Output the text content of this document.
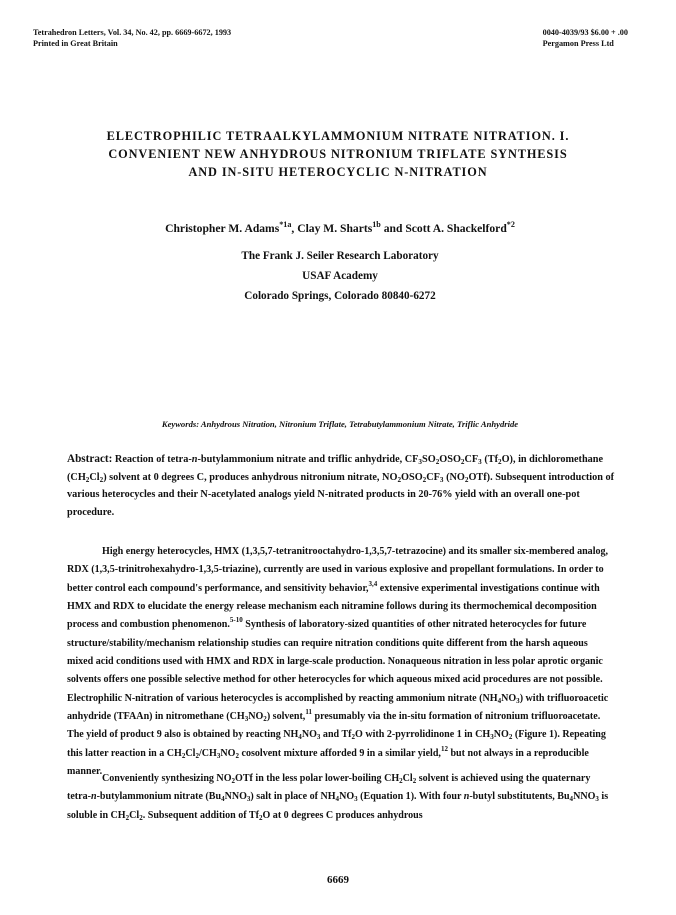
Tetrahedron Letters, Vol. 34, No. 42, pp. 6669-6672, 1993
Printed in Great Britain
0040-4039/93 $6.00 + .00
Pergamon Press Ltd
ELECTROPHILIC TETRAALKYLAMMONIUM NITRATE NITRATION. I.
CONVENIENT NEW ANHYDROUS NITRONIUM TRIFLATE SYNTHESIS
AND IN-SITU HETEROCYCLIC N-NITRATION
Christopher M. Adams$^{*1a}$, Clay M. Sharts$^{1b}$ and Scott A. Shackelford$^{*2}$
The Frank J. Seiler Research Laboratory
USAF Academy
Colorado Springs, Colorado 80840-6272
Keywords: Anhydrous Nitration, Nitronium Triflate, Tetrabutylammonium Nitrate, Triflic Anhydride
Abstract: Reaction of tetra-n-butylammonium nitrate and triflic anhydride, $CF_3SO_2OSO_2CF_3$ $(Tf_2O)$, in dichloromethane $(CH_2Cl_2)$ solvent at 0 degrees C, produces anhydrous nitronium nitrate, $NO_2OSO_2CF_3$ $(NO_2OTf)$. Subsequent introduction of various heterocycles and their N-acetylated analogs yield N-nitrated products in 20-76% yield with an overall one-pot procedure.
High energy heterocycles, HMX (1,3,5,7-tetranitrooctahydro-1,3,5,7-tetrazocine) and its smaller six-membered analog, RDX (1,3,5-trinitrohexahydro-1,3,5-triazine), currently are used in various explosive and propellant formulations. In order to better control each compound's performance, and sensitivity behavior,$^{3,4}$ extensive experimental investigations continue with HMX and RDX to elucidate the energy release mechanism each nitramine follows during its thermochemical decomposition process and combustion phenomenon.$^{5-10}$ Synthesis of laboratory-sized quantities of other nitrated heterocycles for future structure/stability/mechanism relationship studies can require nitration conditions quite different from the harsh aqueous mixed acid conditions used with HMX and RDX in large-scale production. Nonaqueous nitration in less polar aprotic organic solvents offers one possible selective method for other heterocycles for which aqueous mixed acid procedures are not possible. Electrophilic N-nitration of various heterocycles is accomplished by reacting ammonium nitrate $(NH_4NO_3)$ with trifluoroacetic anhydride (TFAAn) in nitromethane $(CH_3NO_2)$ solvent,$^{11}$ presumably via the in-situ formation of nitronium trifluoroacetate. The yield of product 9 also is obtained by reacting $NH_4NO_3$ and $Tf_2O$ with 2-pyrrolidinone 1 in $CH_3NO_2$ (Figure 1). Repeating this latter reaction in a $CH_2Cl_2/CH_3NO_2$ cosolvent mixture afforded 9 in a similar yield,$^{12}$ but not always in a reproducible manner.
Conveniently synthesizing $NO_2OTf$ in the less polar lower-boiling $CH_2Cl_2$ solvent is achieved using the quaternary tetra-n-butylammonium nitrate $(Bu_4NNO_3)$ salt in place of $NH_4NO_3$ (Equation 1). With four n-butyl substitutents, $Bu_4NNO_3$ is soluble in $CH_2Cl_2$. Subsequent addition of $Tf_2O$ at 0 degrees C produces anhydrous
6669
